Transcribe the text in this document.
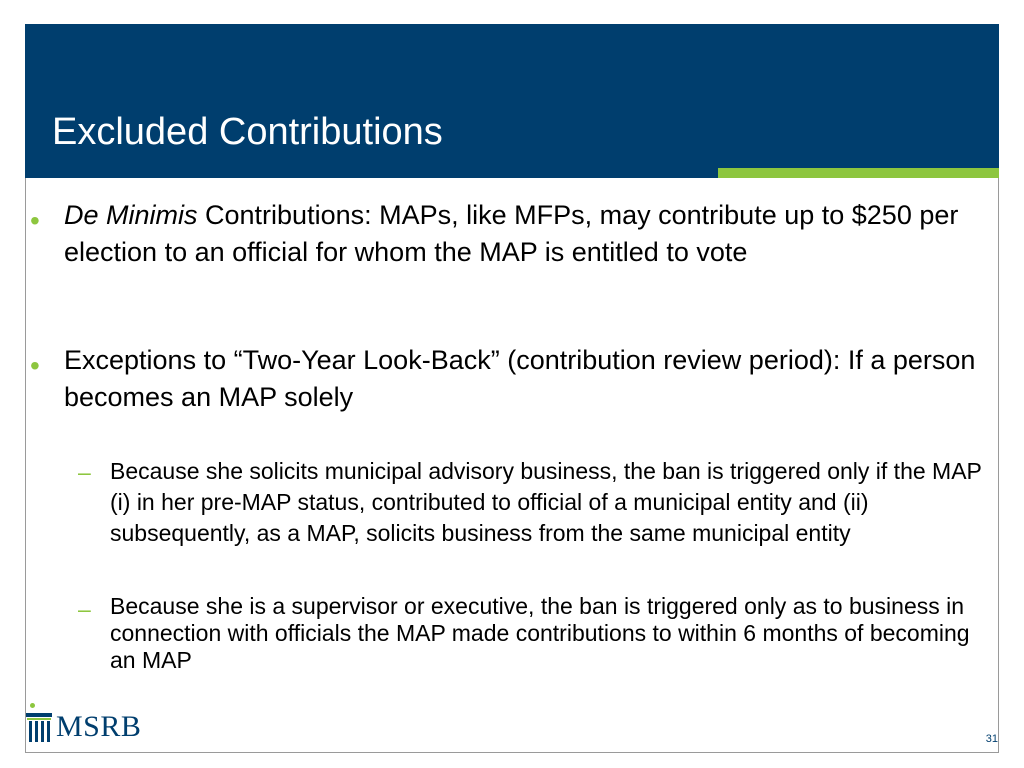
Excluded Contributions
• De Minimis Contributions: MAPs, like MFPs, may contribute up to $250 per election to an official for whom the MAP is entitled to vote
• Exceptions to “Two-Year Look-Back” (contribution review period): If a person becomes an MAP solely
– Because she solicits municipal advisory business, the ban is triggered only if the MAP (i) in her pre-MAP status, contributed to official of a municipal entity and (ii) subsequently, as a MAP, solicits business from the same municipal entity
– Because she is a supervisor or executive, the ban is triggered only as to business in connection with officials the MAP made contributions to within 6 months of becoming an MAP
MSRB	31
